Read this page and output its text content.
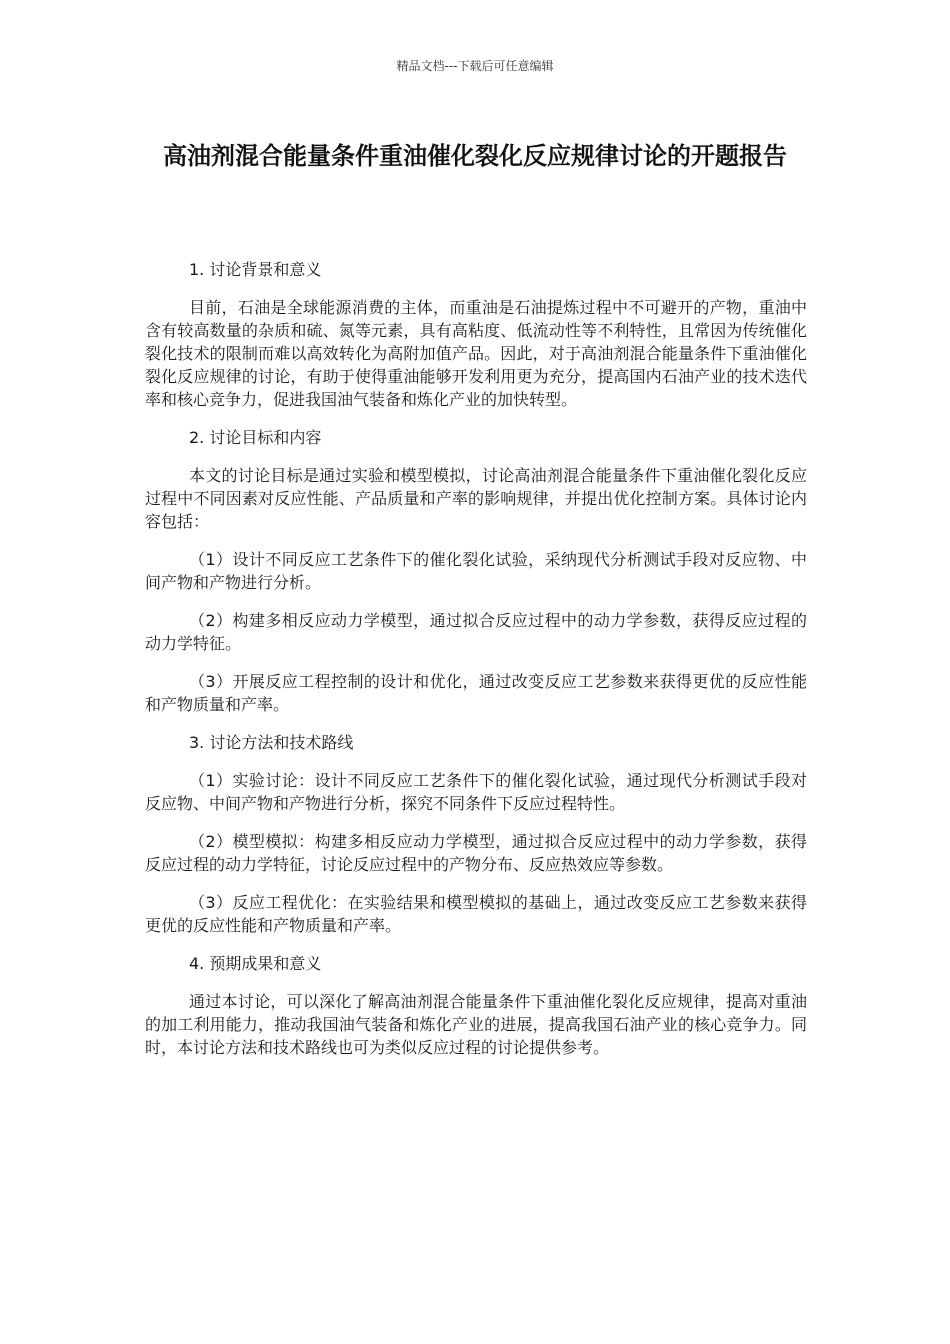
精品文档---下载后可任意编辑
高油剂混合能量条件重油催化裂化反应规律讨论的开题报告

1. 讨论背景和意义

目前，石油是全球能源消费的主体，而重油是石油提炼过程中不可避开的产物，重油中含有较高数量的杂质和硫、氮等元素，具有高粘度、低流动性等不利特性，且常因为传统催化裂化技术的限制而难以高效转化为高附加值产品。因此，对于高油剂混合能量条件下重油催化裂化反应规律的讨论，有助于使得重油能够开发利用更为充分，提高国内石油产业的技术迭代率和核心竞争力，促进我国油气装备和炼化产业的加快转型。

2. 讨论目标和内容

本文的讨论目标是通过实验和模型模拟，讨论高油剂混合能量条件下重油催化裂化反应过程中不同因素对反应性能、产品质量和产率的影响规律，并提出优化控制方案。具体讨论内容包括：

（1）设计不同反应工艺条件下的催化裂化试验，采纳现代分析测试手段对反应物、中间产物和产物进行分析。

（2）构建多相反应动力学模型，通过拟合反应过程中的动力学参数，获得反应过程的动力学特征。

（3）开展反应工程控制的设计和优化，通过改变反应工艺参数来获得更优的反应性能和产物质量和产率。

3. 讨论方法和技术路线

（1）实验讨论：设计不同反应工艺条件下的催化裂化试验，通过现代分析测试手段对反应物、中间产物和产物进行分析，探究不同条件下反应过程特性。

（2）模型模拟：构建多相反应动力学模型，通过拟合反应过程中的动力学参数，获得反应过程的动力学特征，讨论反应过程中的产物分布、反应热效应等参数。

（3）反应工程优化：在实验结果和模型模拟的基础上，通过改变反应工艺参数来获得更优的反应性能和产物质量和产率。

4. 预期成果和意义

通过本讨论，可以深化了解高油剂混合能量条件下重油催化裂化反应规律，提高对重油的加工利用能力，推动我国油气装备和炼化产业的进展，提高我国石油产业的核心竞争力。同时，本讨论方法和技术路线也可为类似反应过程的讨论提供参考。
